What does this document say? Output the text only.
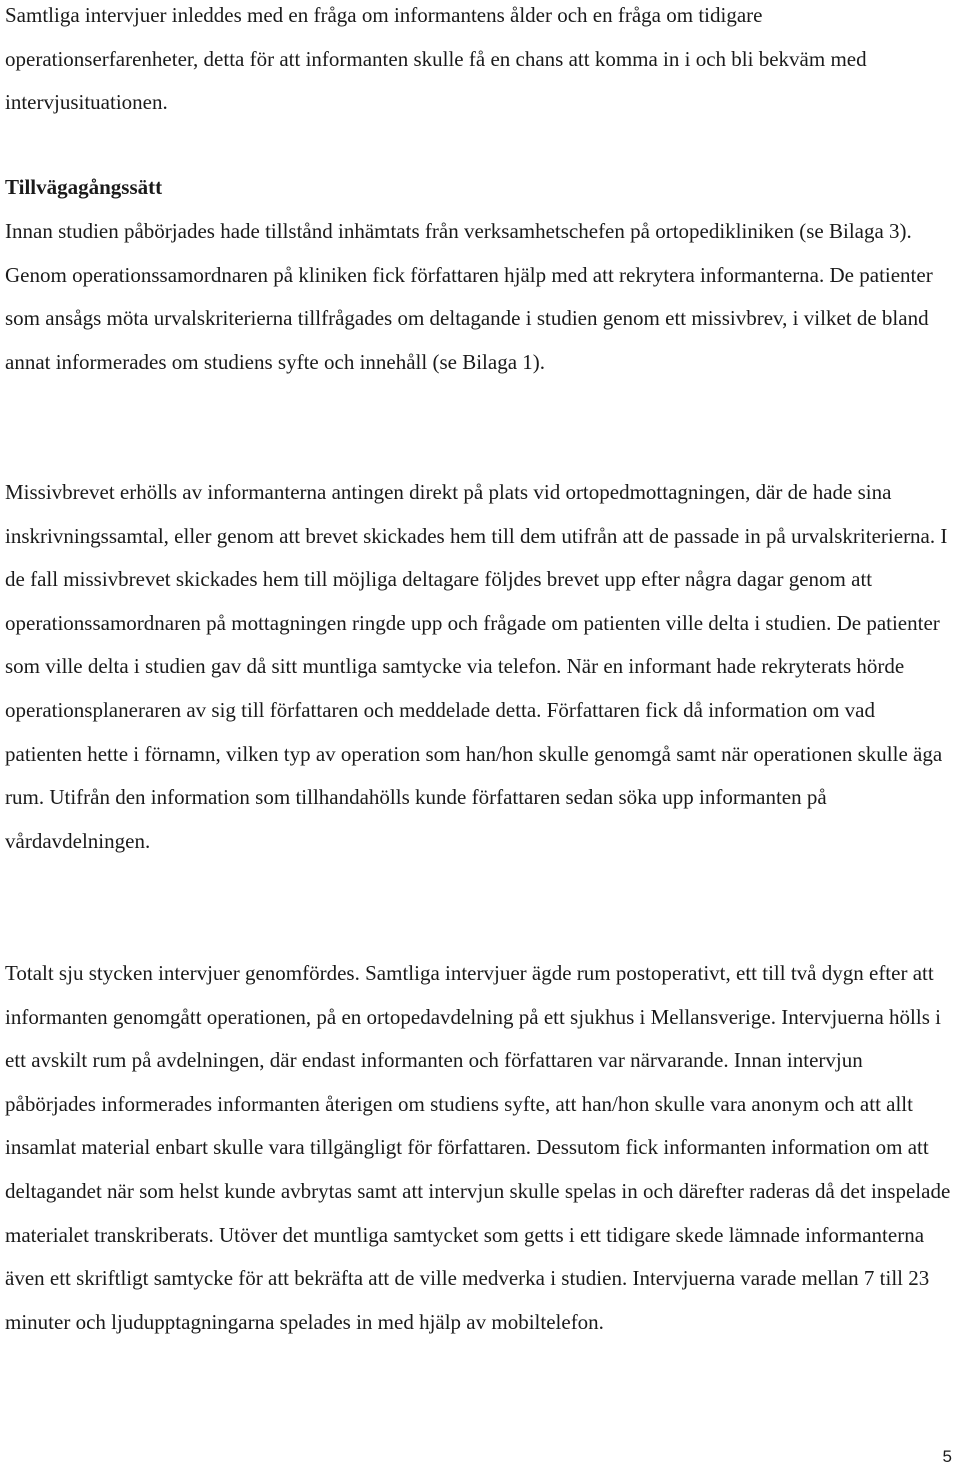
Samtliga intervjuer inleddes med en fråga om informantens ålder och en fråga om tidigare operationserfarenheter, detta för att informanten skulle få en chans att komma in i och bli bekväm med intervjusituationen.

Tillvägagångssätt

Innan studien påbörjades hade tillstånd inhämtats från verksamhetschefen på ortopedikliniken (se Bilaga 3). Genom operationssamordnaren på kliniken fick författaren hjälp med att rekrytera informanterna. De patienter som ansågs möta urvalskriterierna tillfrågades om deltagande i studien genom ett missivbrev, i vilket de bland annat informerades om studiens syfte och innehåll (se Bilaga 1).

Missivbrevet erhölls av informanterna antingen direkt på plats vid ortopedmottagningen, där de hade sina inskrivningssamtal, eller genom att brevet skickades hem till dem utifrån att de passade in på urvalskriterierna. I de fall missivbrevet skickades hem till möjliga deltagare följdes brevet upp efter några dagar genom att operationssamordnaren på mottagningen ringde upp och frågade om patienten ville delta i studien. De patienter som ville delta i studien gav då sitt muntliga samtycke via telefon. När en informant hade rekryterats hörde operationsplaneraren av sig till författaren och meddelade detta. Författaren fick då information om vad patienten hette i förnamn, vilken typ av operation som han/hon skulle genomgå samt när operationen skulle äga rum. Utifrån den information som tillhandahölls kunde författaren sedan söka upp informanten på vårdavdelningen.

Totalt sju stycken intervjuer genomfördes. Samtliga intervjuer ägde rum postoperativt, ett till två dygn efter att informanten genomgått operationen, på en ortopedavdelning på ett sjukhus i Mellansverige. Intervjuerna hölls i ett avskilt rum på avdelningen, där endast informanten och författaren var närvarande. Innan intervjun påbörjades informerades informanten återigen om studiens syfte, att han/hon skulle vara anonym och att allt insamlat material enbart skulle vara tillgängligt för författaren. Dessutom fick informanten information om att deltagandet när som helst kunde avbrytas samt att intervjun skulle spelas in och därefter raderas då det inspelade materialet transkriberats. Utöver det muntliga samtycket som getts i ett tidigare skede lämnade informanterna även ett skriftligt samtycke för att bekräfta att de ville medverka i studien. Intervjuerna varade mellan 7 till 23 minuter och ljudupptagningarna spelades in med hjälp av mobiltelefon.

5
